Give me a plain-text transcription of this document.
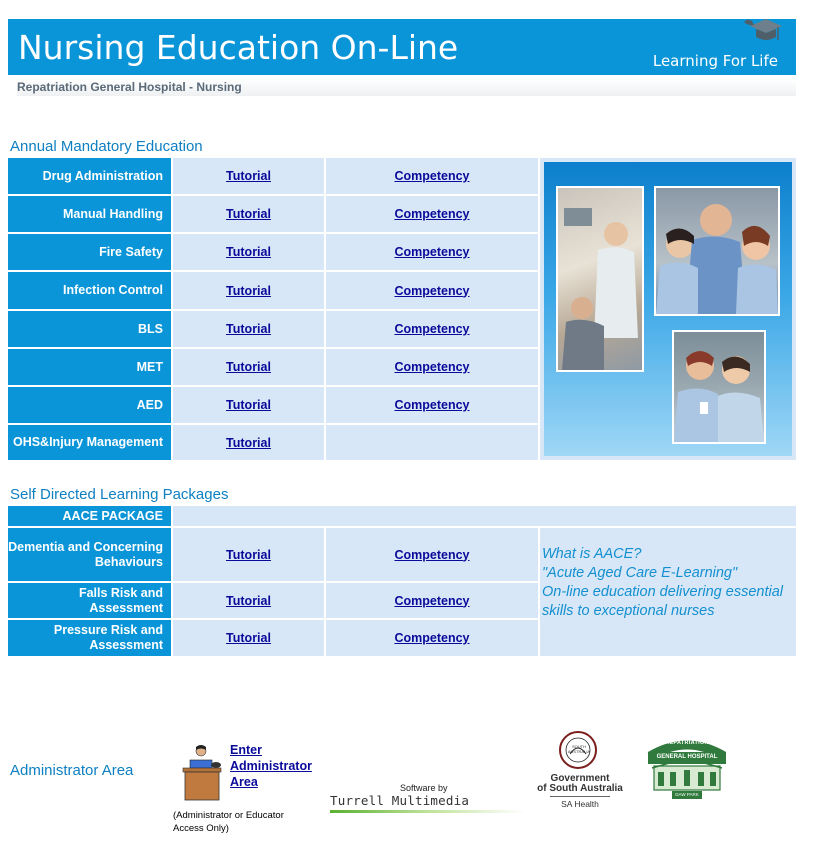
Nursing Education On-Line	Learning For Life
Repatriation General Hospital - Nursing
Annual Mandatory Education
Drug Administration	Tutorial	Competency
Manual Handling	Tutorial	Competency
Fire Safety	Tutorial	Competency
Infection Control	Tutorial	Competency
BLS	Tutorial	Competency
MET	Tutorial	Competency
AED	Tutorial	Competency
OHS&Injury Management	Tutorial
Self Directed Learning Packages
AACE PACKAGE
Dementia and Concerning Behaviours	Tutorial	Competency
Falls Risk and Assessment	Tutorial	Competency
Pressure Risk and Assessment	Tutorial	Competency
What is AACE?
"Acute Aged Care E-Learning"
On-line education delivering essential skills to exceptional nurses
Administrator Area
Enter Administrator Area
(Administrator or Educator Access Only)
Software by
Turrell Multimedia
SOUTH AUSTRALIA
Government
of South Australia
SA Health
REPATRIATION
GENERAL HOSPITAL
DAW PARK
